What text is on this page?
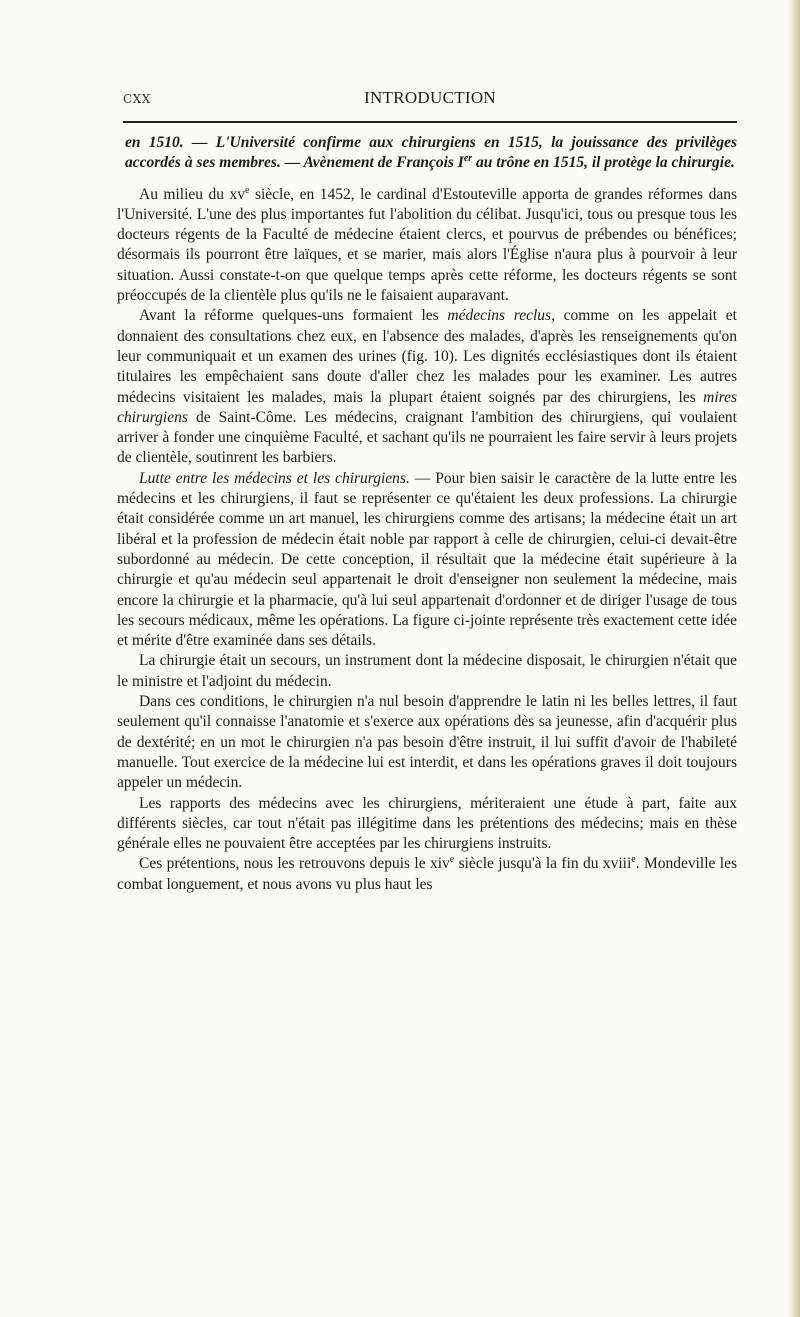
CXX	INTRODUCTION

en 1510. — L'Université confirme aux chirurgiens en 1515, la jouissance des privilèges accordés à ses membres. — Avènement de François Ier au trône en 1515, il protège la chirurgie.

Au milieu du $xv^e$ siècle, en 1452, le cardinal d'Estouteville apporta de grandes réformes dans l'Université. L'une des plus importantes fut l'abolition du célibat. Jusqu'ici, tous ou presque tous les docteurs régents de la Faculté de médecine étaient clercs, et pourvus de prébendes ou bénéfices; désormais ils pourront être laïques, et se marier, mais alors l'Église n'aura plus à pourvoir à leur situation. Aussi constate-t-on que quelque temps après cette réforme, les docteurs régents se sont préoccupés de la clientèle plus qu'ils ne le faisaient auparavant.

Avant la réforme quelques-uns formaient les médecins reclus, comme on les appelait et donnaient des consultations chez eux, en l'absence des malades, d'après les renseignements qu'on leur communiquait et un examen des urines (fig. 10). Les dignités ecclésiastiques dont ils étaient titulaires les empêchaient sans doute d'aller chez les malades pour les examiner. Les autres médecins visitaient les malades, mais la plupart étaient soignés par des chirurgiens, les mires chirurgiens de Saint-Côme. Les médecins, craignant l'ambition des chirurgiens, qui voulaient arriver à fonder une cinquième Faculté, et sachant qu'ils ne pourraient les faire servir à leurs projets de clientèle, soutinrent les barbiers.

Lutte entre les médecins et les chirurgiens. — Pour bien saisir le caractère de la lutte entre les médecins et les chirurgiens, il faut se représenter ce qu'étaient les deux professions. La chirurgie était considérée comme un art manuel, les chirurgiens comme des artisans; la médecine était un art libéral et la profession de médecin était noble par rapport à celle de chirurgien, celui-ci devait-être subordonné au médecin. De cette conception, il résultait que la médecine était supérieure à la chirurgie et qu'au médecin seul appartenait le droit d'enseigner non seulement la médecine, mais encore la chirurgie et la pharmacie, qu'à lui seul appartenait d'ordonner et de diriger l'usage de tous les secours médicaux, même les opérations. La figure ci-jointe représente très exactement cette idée et mérite d'être examinée dans ses détails.

La chirurgie était un secours, un instrument dont la médecine disposait, le chirurgien n'était que le ministre et l'adjoint du médecin.

Dans ces conditions, le chirurgien n'a nul besoin d'apprendre le latin ni les belles lettres, il faut seulement qu'il connaisse l'anatomie et s'exerce aux opérations dès sa jeunesse, afin d'acquérir plus de dextérité; en un mot le chirurgien n'a pas besoin d'être instruit, il lui suffit d'avoir de l'habileté manuelle. Tout exercice de la médecine lui est interdit, et dans les opérations graves il doit toujours appeler un médecin.

Les rapports des médecins avec les chirurgiens, mériteraient une étude à part, faite aux différents siècles, car tout n'était pas illégitime dans les prétentions des médecins; mais en thèse générale elles ne pouvaient être acceptées par les chirurgiens instruits.

Ces prétentions, nous les retrouvons depuis le xiv$^e$ siècle jusqu'à la fin du xviii$^e$. Mondeville les combat longuement, et nous avons vu plus haut les
